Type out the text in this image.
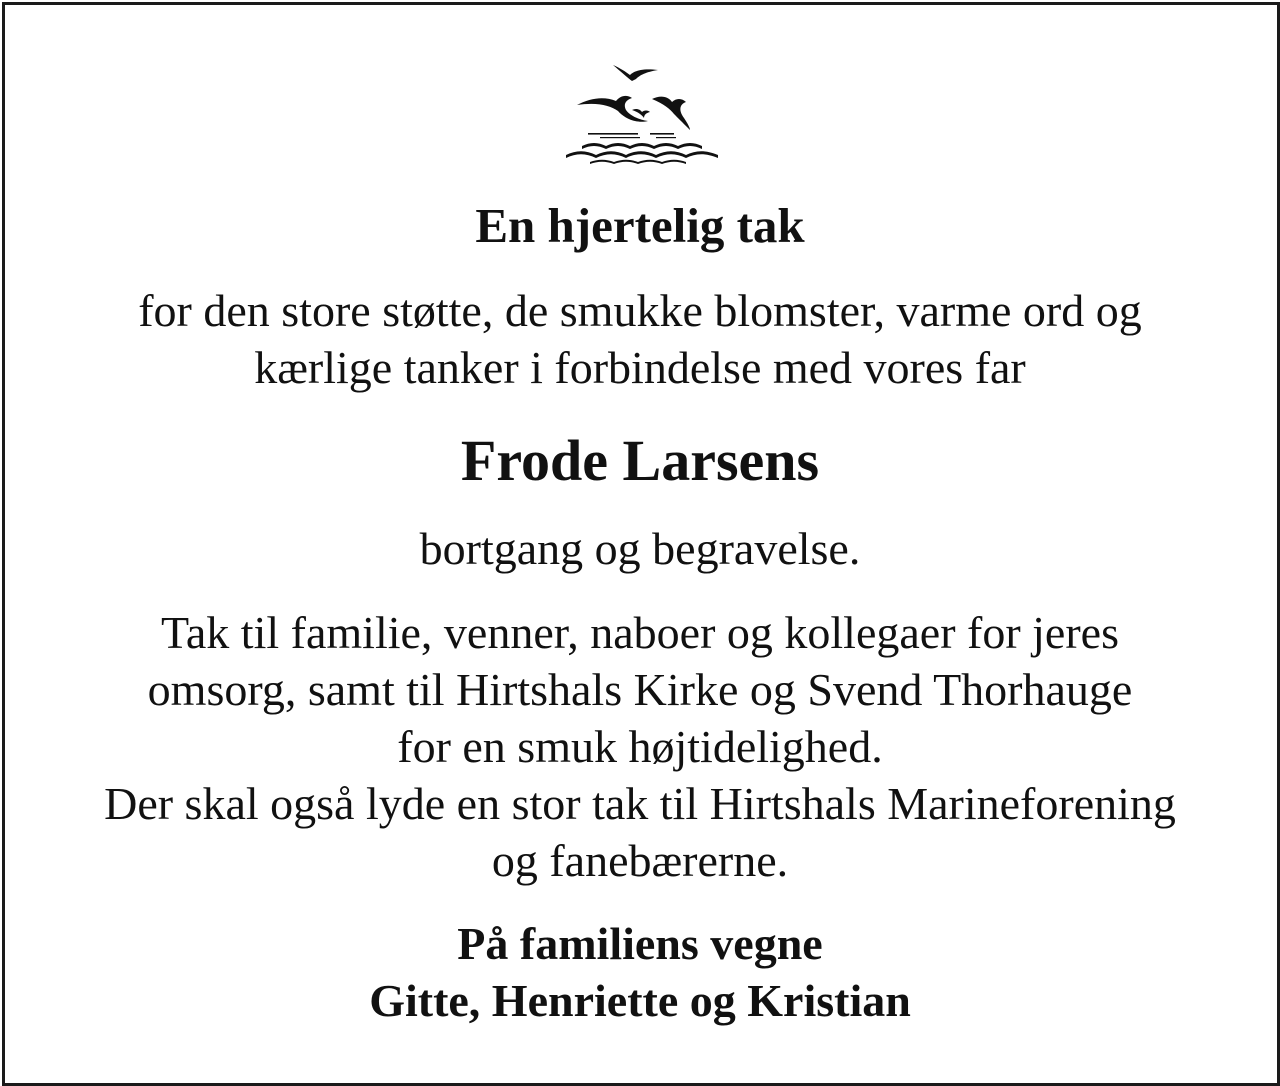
En hjertelig tak
for den store støtte, de smukke blomster, varme ord og
kærlige tanker i forbindelse med vores far
Frode Larsens
bortgang og begravelse.
Tak til familie, venner, naboer og kollegaer for jeres
omsorg, samt til Hirtshals Kirke og Svend Thorhauge
for en smuk højtidelighed.
Der skal også lyde en stor tak til Hirtshals Marineforening
og fanebærerne.
På familiens vegne
Gitte, Henriette og Kristian
